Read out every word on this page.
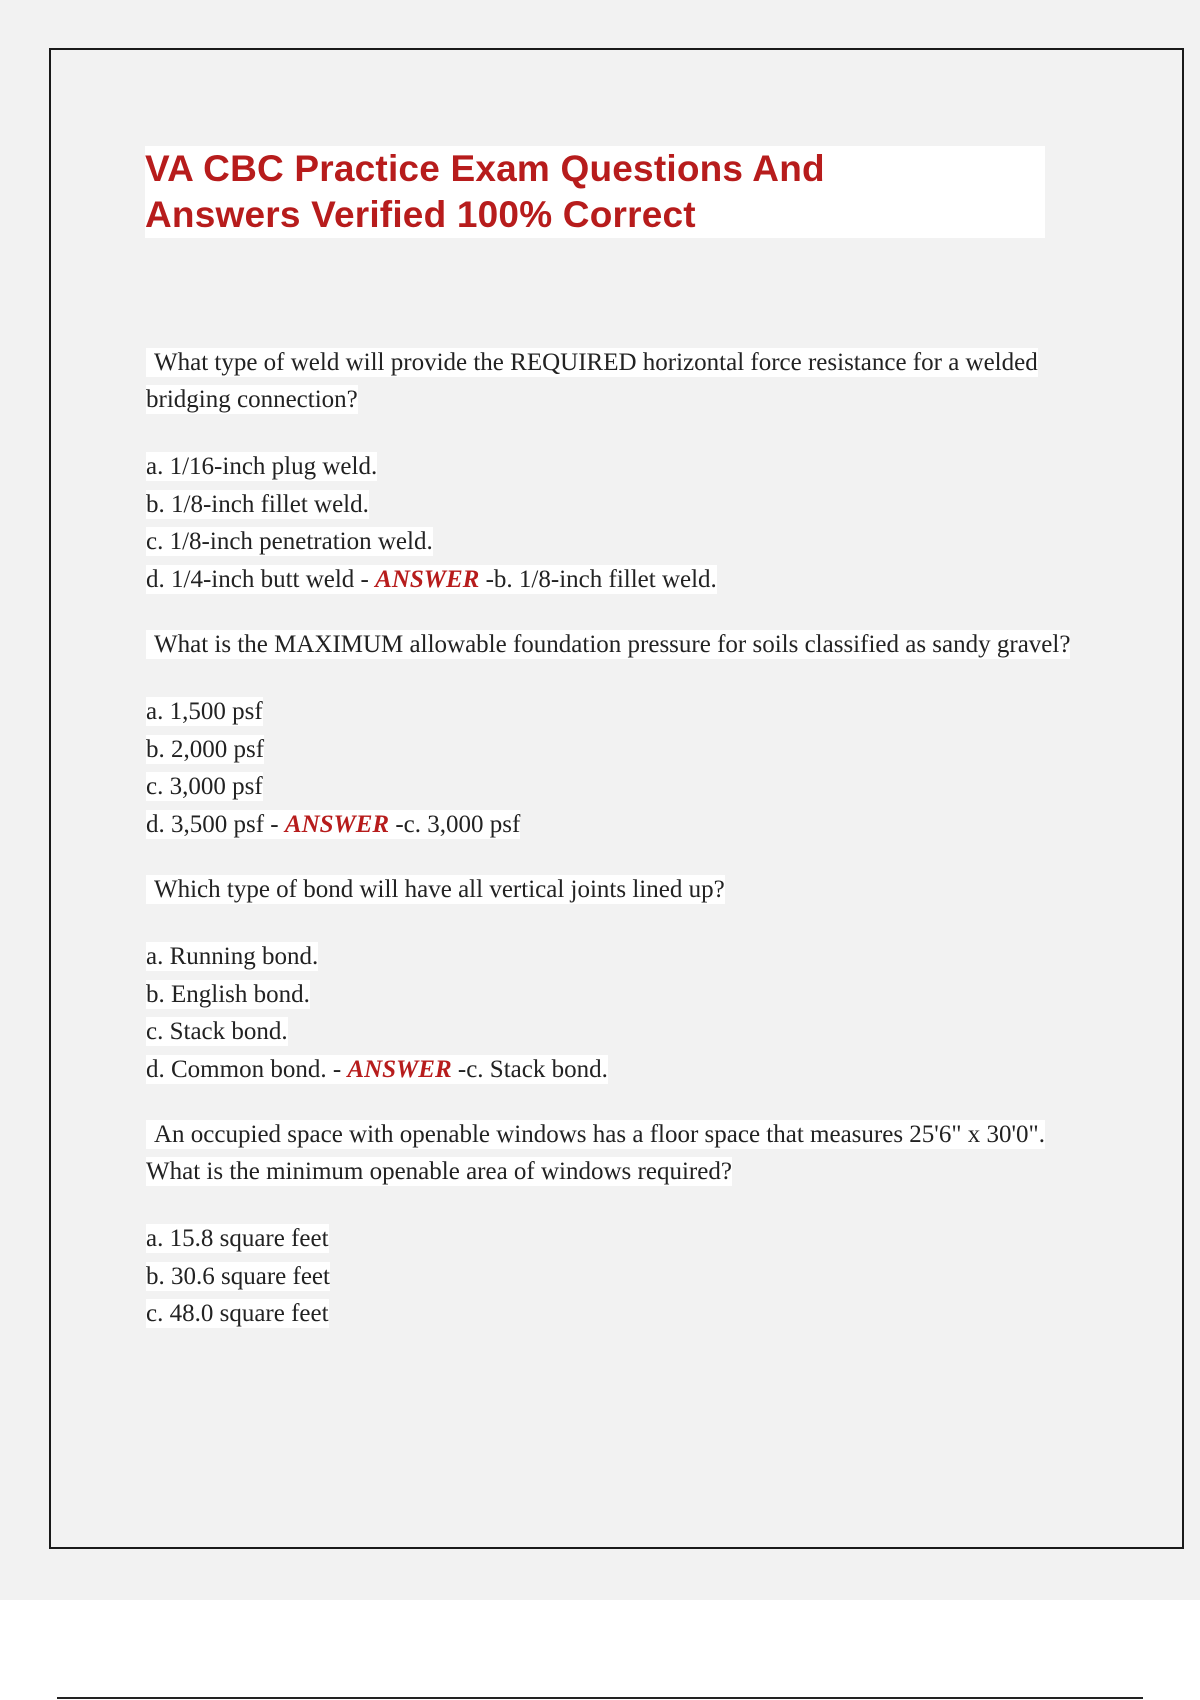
VA CBC Practice Exam Questions And
Answers Verified 100% Correct

What type of weld will provide the REQUIRED horizontal force resistance for a welded bridging connection?

a. 1/16-inch plug weld.
b. 1/8-inch fillet weld.
c. 1/8-inch penetration weld.
d. 1/4-inch butt weld - ANSWER -b. 1/8-inch fillet weld.

What is the MAXIMUM allowable foundation pressure for soils classified as sandy gravel?

a. 1,500 psf
b. 2,000 psf
c. 3,000 psf
d. 3,500 psf - ANSWER -c. 3,000 psf

Which type of bond will have all vertical joints lined up?

a. Running bond.
b. English bond.
c. Stack bond.
d. Common bond. - ANSWER -c. Stack bond.

An occupied space with openable windows has a floor space that measures 25'6" x 30'0". What is the minimum openable area of windows required?

a. 15.8 square feet
b. 30.6 square feet
c. 48.0 square feet
